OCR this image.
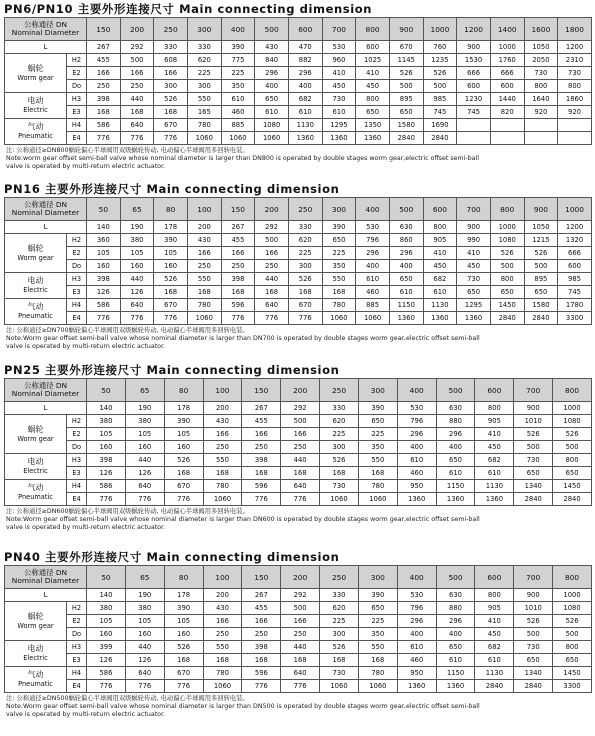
PN6/PN10 主要外形连接尺寸 Main connecting dimension
公称通径 DN
Nominal Diameter		150	200	250	300	400	500	600	700	800	900	1000	1200	1400	1600	1800
L		267	292	330	330	390	430	470	530	600	670	760	900	1000	1050	1200
蜗轮
Worm gear	H2	455	500	608	620	775	840	882	960	1025	1145	1235	1530	1760	2050	2310
	E2	166	166	166	225	225	296	296	410	410	526	526	666	666	730	730
	Do	250	250	300	300	350	400	400	450	450	500	500	600	600	800	800
电动
Electric	H3	398	440	526	550	610	650	682	730	800	895	985	1230	1440	1640	1860
	E3	168	168	168	165	460	610	610	610	650	650	745	745	820	920	920
气动
Pneumatic	H4	586	640	670	780	885	1080	1130	1295	1350	1580	1690				
	E4	776	776	776	1060	1060	1060	1360	1360	1360	2840	2840				
注: 公称通径≥DN800蜗轮偏心半球阀用双级蜗轮传动, 电动偏心半球阀用多回转电装。
Note:worm gear offset semi-ball valve whose nominal diameter is larger than DN800 is operated by double stages worm gear,electric offset semi-ball
valve is operated by multi-return electric actuator.
PN16 主要外形连接尺寸 Main connecting dimension
公称通径 DN
Nominal Diameter		50	65	80	100	150	200	250	300	400	500	600	700	800	900	1000
L		140	190	178	200	267	292	330	390	530	630	800	900	1000	1050	1200
蜗轮
Worm gear	H2	360	380	390	430	455	500	620	650	796	860	905	990	1080	1215	1320
	E2	105	105	105	166	166	166	225	225	296	296	410	410	526	526	666
	Do	160	160	160	250	250	250	300	350	400	400	450	450	500	500	600
电动
Electric	H3	398	440	526	550	398	440	526	550	610	650	682	730	800	895	985
	E3	126	126	168	168	168	168	168	168	460	610	610	650	650	650	745
气动
Pneumatic	H4	586	640	670	780	596	640	670	780	885	1150	1130	1295	1450	1580	1780
	E4	776	776	776	1060	776	776	776	1060	1060	1360	1360	1360	2840	2840	3300
注: 公称通径≥DN700蜗轮偏心半球阀用双级蜗轮传动, 电动偏心半球阀用多回转电装。
Note:Worm gear offset semi-ball valve whose nominal diameter is larger than DN700 is operated by double stages worm gear,electric offset semi-ball
valve is operated by multi-return electric actuator.
PN25 主要外形连接尺寸 Main connecting dimension
公称通径 DN
Nominal Diameter		50	65	80	100	150	200	250	300	400	500	600	700	800
L		140	190	178	200	267	292	330	390	530	630	800	900	1000
蜗轮
Worm gear	H2	380	380	390	430	455	500	620	650	796	880	905	1010	1080
	E2	105	105	105	166	166	166	225	225	296	296	410	526	526
	Do	160	160	160	250	250	250	300	350	400	400	450	500	500
电动
Electric	H3	398	440	526	550	398	440	526	550	610	650	682	730	800
	E3	126	126	168	168	168	168	168	168	460	610	610	650	650
气动
Pneumatic	H4	586	640	670	780	596	640	730	780	950	1150	1130	1340	1450
	E4	776	776	776	1060	776	776	1060	1060	1360	1360	1360	2840	2840
注: 公称通径≥DN600蜗轮偏心半球阀用双级蜗轮传动, 电动偏心半球阀用多回转电装。
Note:Worm gear offset semi-ball valve whose nominal diameter is larger than DN600 is operated by double stages worm gear,electric offset semi-ball
valve is operated by multi-return electric actuator.
PN40 主要外形连接尺寸 Main connecting dimension
公称通径 DN
Nominal Diameter		50	65	80	100	150	200	250	300	400	500	600	700	800
L		140	190	178	200	267	292	330	390	530	630	800	900	1000
蜗轮
Worm gear	H2	380	380	390	430	455	500	620	650	796	880	905	1010	1080
	E2	105	105	105	166	166	166	225	225	296	296	410	526	526
	Do	160	160	160	250	250	250	300	350	400	400	450	500	500
电动
Electric	H3	399	440	526	550	398	440	526	550	610	650	682	730	800
	E3	126	126	168	168	168	168	168	168	460	610	610	650	650
气动
Pneumatic	H4	586	640	670	780	596	640	730	780	950	1150	1130	1340	1450
	E4	776	776	776	1060	776	776	1060	1060	1360	1360	2840	2840	3300
注: 公称通径≥DN500蜗轮偏心半球阀用双级蜗轮传动, 电动偏心半球阀用多回转电装。
Note:Worm gear offset semi-ball valve whose nominal diameter is larger than DN500 is operated by double stages worm gear,electric offset semi-ball
valve is operated by multi-return electric actuator.
